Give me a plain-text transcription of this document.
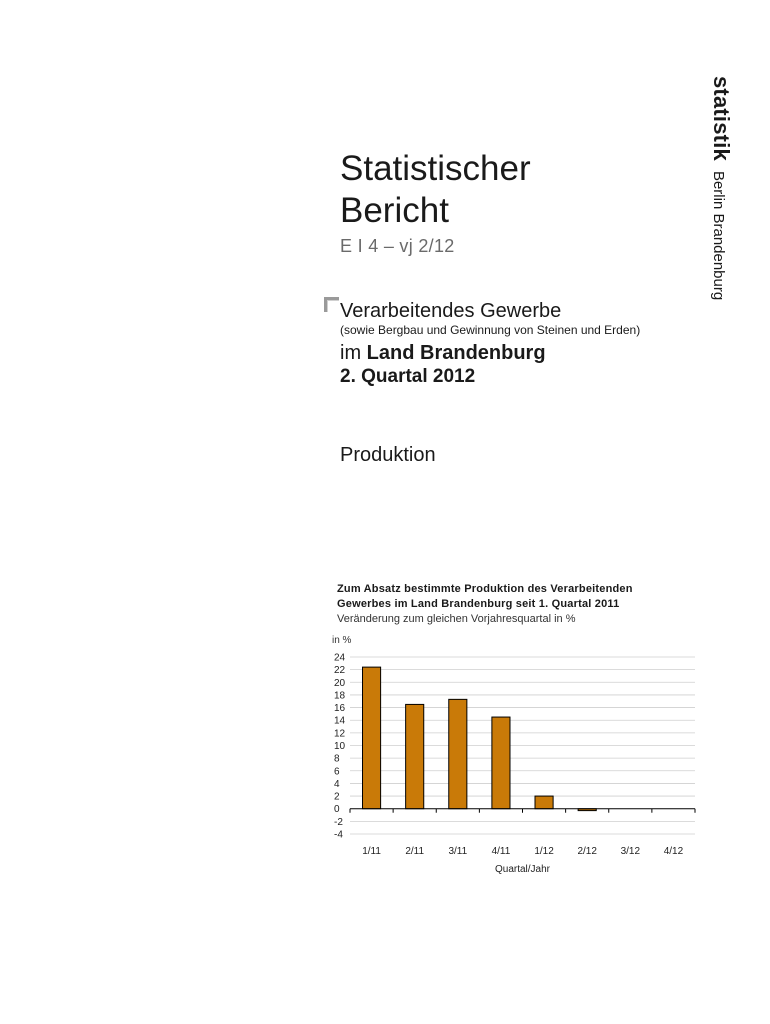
statistikBerlin Brandenburg
Statistischer
Bericht
E I 4 – vj 2/12
Verarbeitendes Gewerbe
(sowie Bergbau und Gewinnung von Steinen und Erden)
im Land Brandenburg
2. Quartal 2012
Produktion
Zum Absatz bestimmte Produktion des Verarbeitenden
Gewerbes im Land Brandenburg seit 1. Quartal 2011
Veränderung zum gleichen Vorjahresquartal in %
in %
24
22
20
18
16
14
12
10
8
6
4
2
0
-2
-4
1/11 2/11 3/11 4/11 1/12 2/12 3/12 4/12
Quartal/Jahr
